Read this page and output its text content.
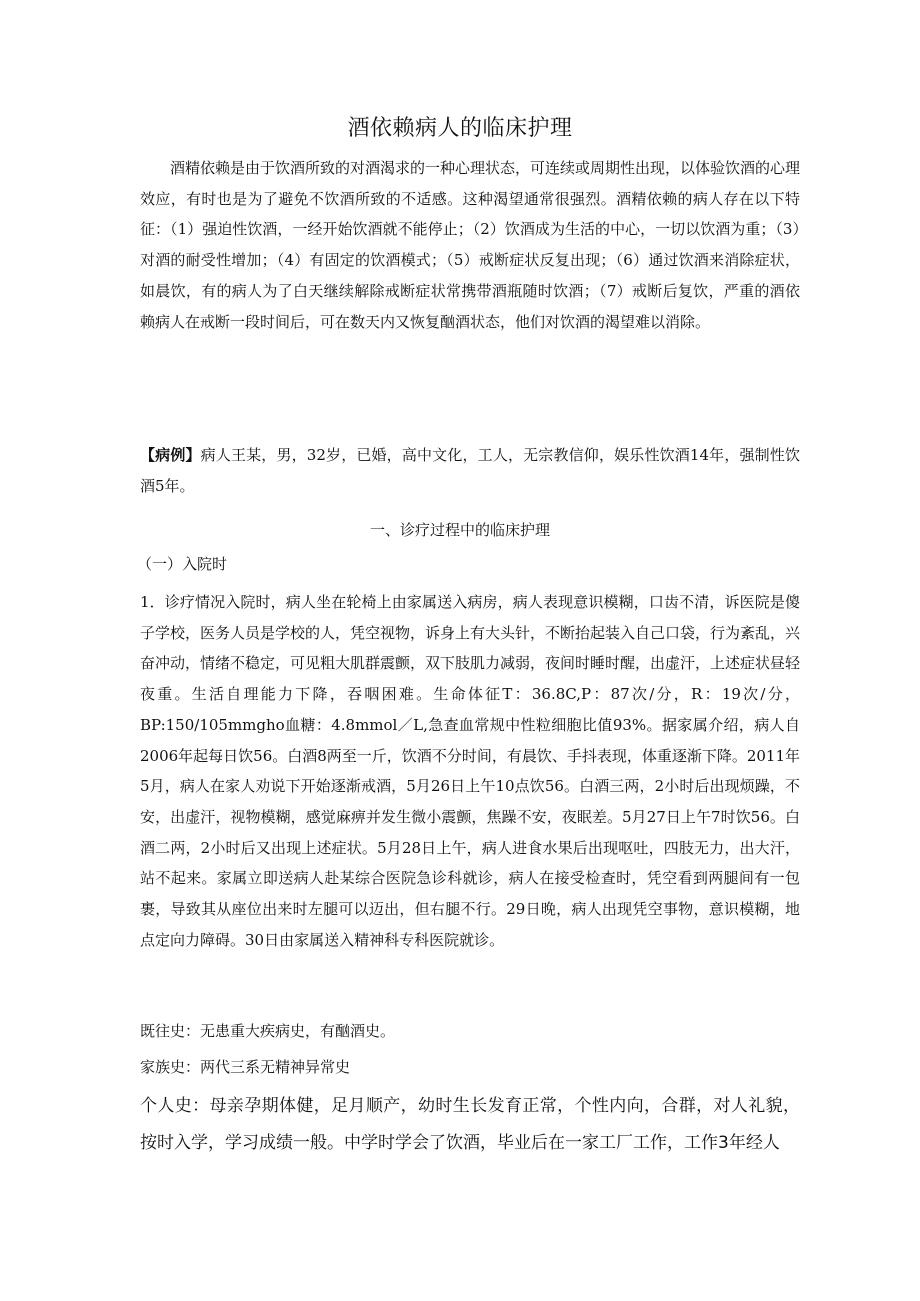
酒依赖病人的临床护理

酒精依赖是由于饮酒所致的对酒渴求的一种心理状态，可连续或周期性出现，以体验饮酒的心理效应，有时也是为了避免不饮酒所致的不适感。这种渴望通常很强烈。酒精依赖的病人存在以下特征：（1）强迫性饮酒，一经开始饮酒就不能停止；（2）饮酒成为生活的中心，一切以饮酒为重；（3）对酒的耐受性增加；（4）有固定的饮酒模式；（5）戒断症状反复出现；（6）通过饮酒来消除症状，如晨饮，有的病人为了白天继续解除戒断症状常携带酒瓶随时饮酒；（7）戒断后复饮，严重的酒依赖病人在戒断一段时间后，可在数天内又恢复酗酒状态，他们对饮酒的渴望难以消除。

【病例】病人王某，男，32岁，已婚，高中文化，工人，无宗教信仰，娱乐性饮酒14年，强制性饮酒5年。

一、诊疗过程中的临床护理
（一）入院时

1．诊疗情况入院时，病人坐在轮椅上由家属送入病房，病人表现意识模糊，口齿不清，诉医院是傻子学校，医务人员是学校的人，凭空视物，诉身上有大头针，不断抬起装入自己口袋，行为紊乱，兴奋冲动，情绪不稳定，可见粗大肌群震颤，双下肢肌力减弱，夜间时睡时醒，出虚汗，上述症状昼轻夜重。生活自理能力下降，吞咽困难。生命体征T：36.8C,P：87次/分，R：19次/分，BP:150/105mmgho血糖：4.8mmol／L,急查血常规中性粒细胞比值93%。据家属介绍，病人自2006年起每日饮56。白酒8两至一斤，饮酒不分时间，有晨饮、手抖表现，体重逐渐下降。2011年5月，病人在家人劝说下开始逐渐戒酒，5月26日上午10点饮56。白酒三两，2小时后出现烦躁，不安，出虚汗，视物模糊，感觉麻痹并发生微小震颤，焦躁不安，夜眠差。5月27日上午7时饮56。白酒二两，2小时后又出现上述症状。5月28日上午，病人进食水果后出现呕吐，四肢无力，出大汗，站不起来。家属立即送病人赴某综合医院急诊科就诊，病人在接受检查时，凭空看到两腿间有一包裹，导致其从座位出来时左腿可以迈出，但右腿不行。29日晚，病人出现凭空事物，意识模糊，地点定向力障碍。30日由家属送入精神科专科医院就诊。

既往史：无患重大疾病史，有酗酒史。
家族史：两代三系无精神异常史

个人史：母亲孕期体健，足月顺产，幼时生长发育正常，个性内向，合群，对人礼貌，按时入学，学习成绩一般。中学时学会了饮酒，毕业后在一家工厂工作，工作3年经人
